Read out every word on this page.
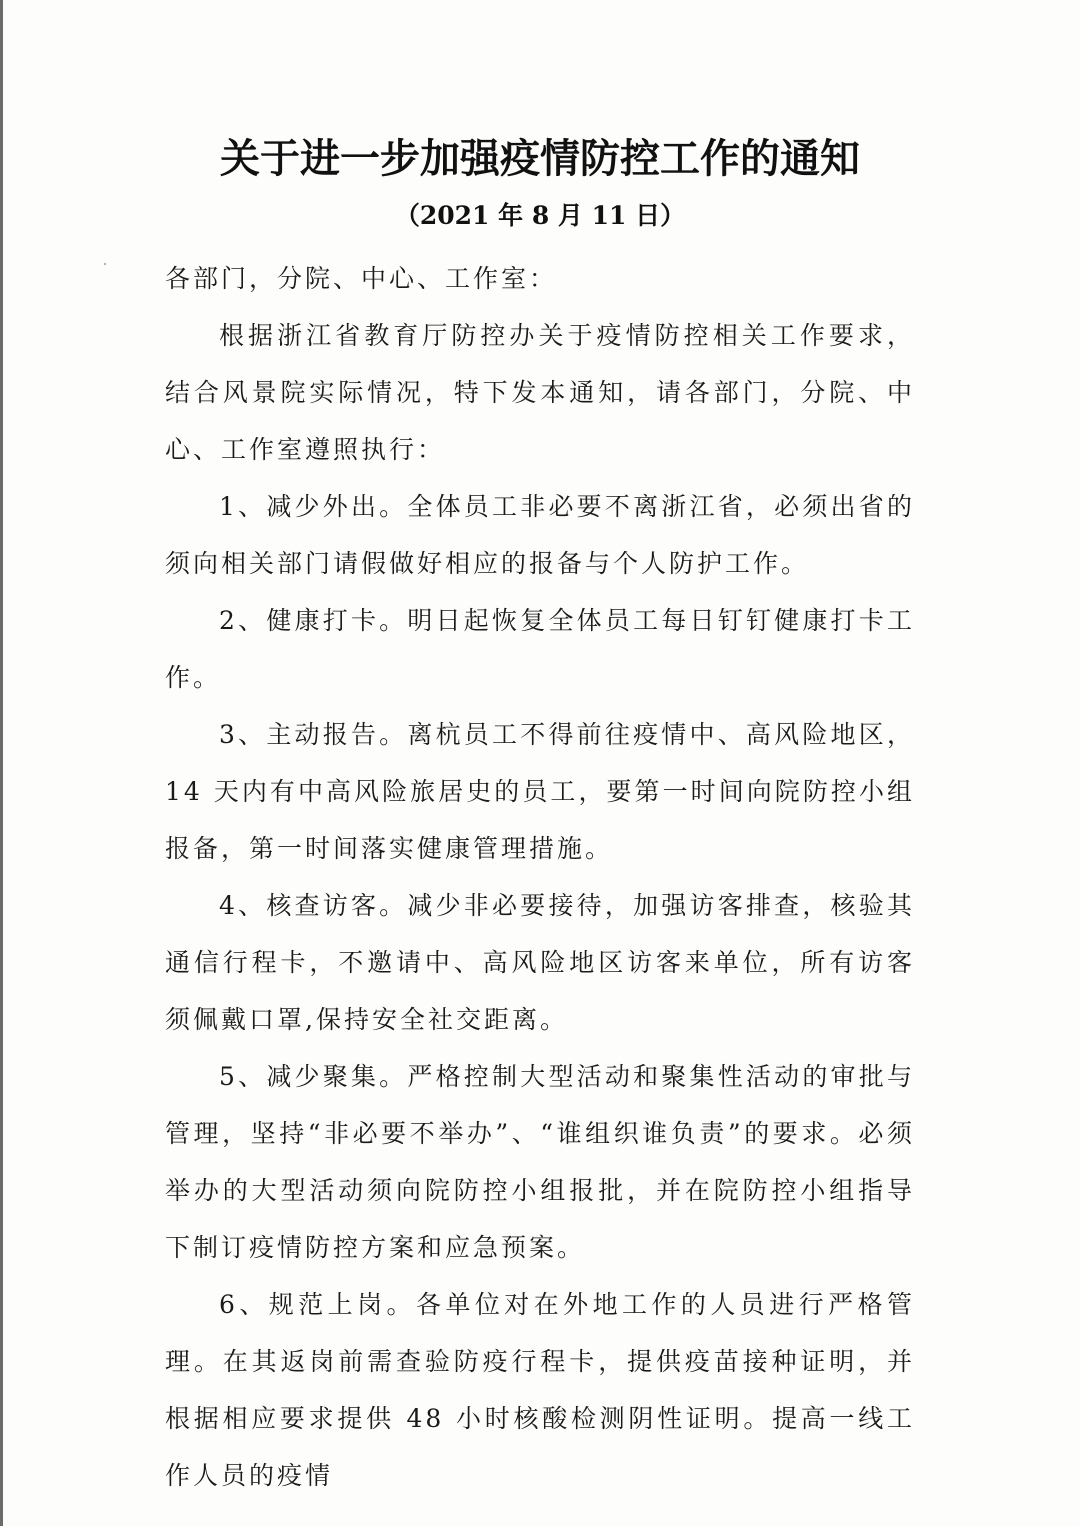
关于进一步加强疫情防控工作的通知
（2021 年 8 月 11 日）

各部门，分院、中心、工作室：

根据浙江省教育厅防控办关于疫情防控相关工作要求，结合风景院实际情况，特下发本通知，请各部门，分院、中心、工作室遵照执行：

1、减少外出。全体员工非必要不离浙江省，必须出省的须向相关部门请假做好相应的报备与个人防护工作。

2、健康打卡。明日起恢复全体员工每日钉钉健康打卡工作。

3、主动报告。离杭员工不得前往疫情中、高风险地区，14 天内有中高风险旅居史的员工，要第一时间向院防控小组报备，第一时间落实健康管理措施。

4、核查访客。减少非必要接待，加强访客排查，核验其通信行程卡，不邀请中、高风险地区访客来单位，所有访客须佩戴口罩,保持安全社交距离。

5、减少聚集。严格控制大型活动和聚集性活动的审批与管理，坚持“非必要不举办”、“谁组织谁负责”的要求。必须举办的大型活动须向院防控小组报批，并在院防控小组指导下制订疫情防控方案和应急预案。

6、规范上岗。各单位对在外地工作的人员进行严格管理。在其返岗前需查验防疫行程卡，提供疫苗接种证明，并根据相应要求提供 48 小时核酸检测阴性证明。提高一线工作人员的疫情
